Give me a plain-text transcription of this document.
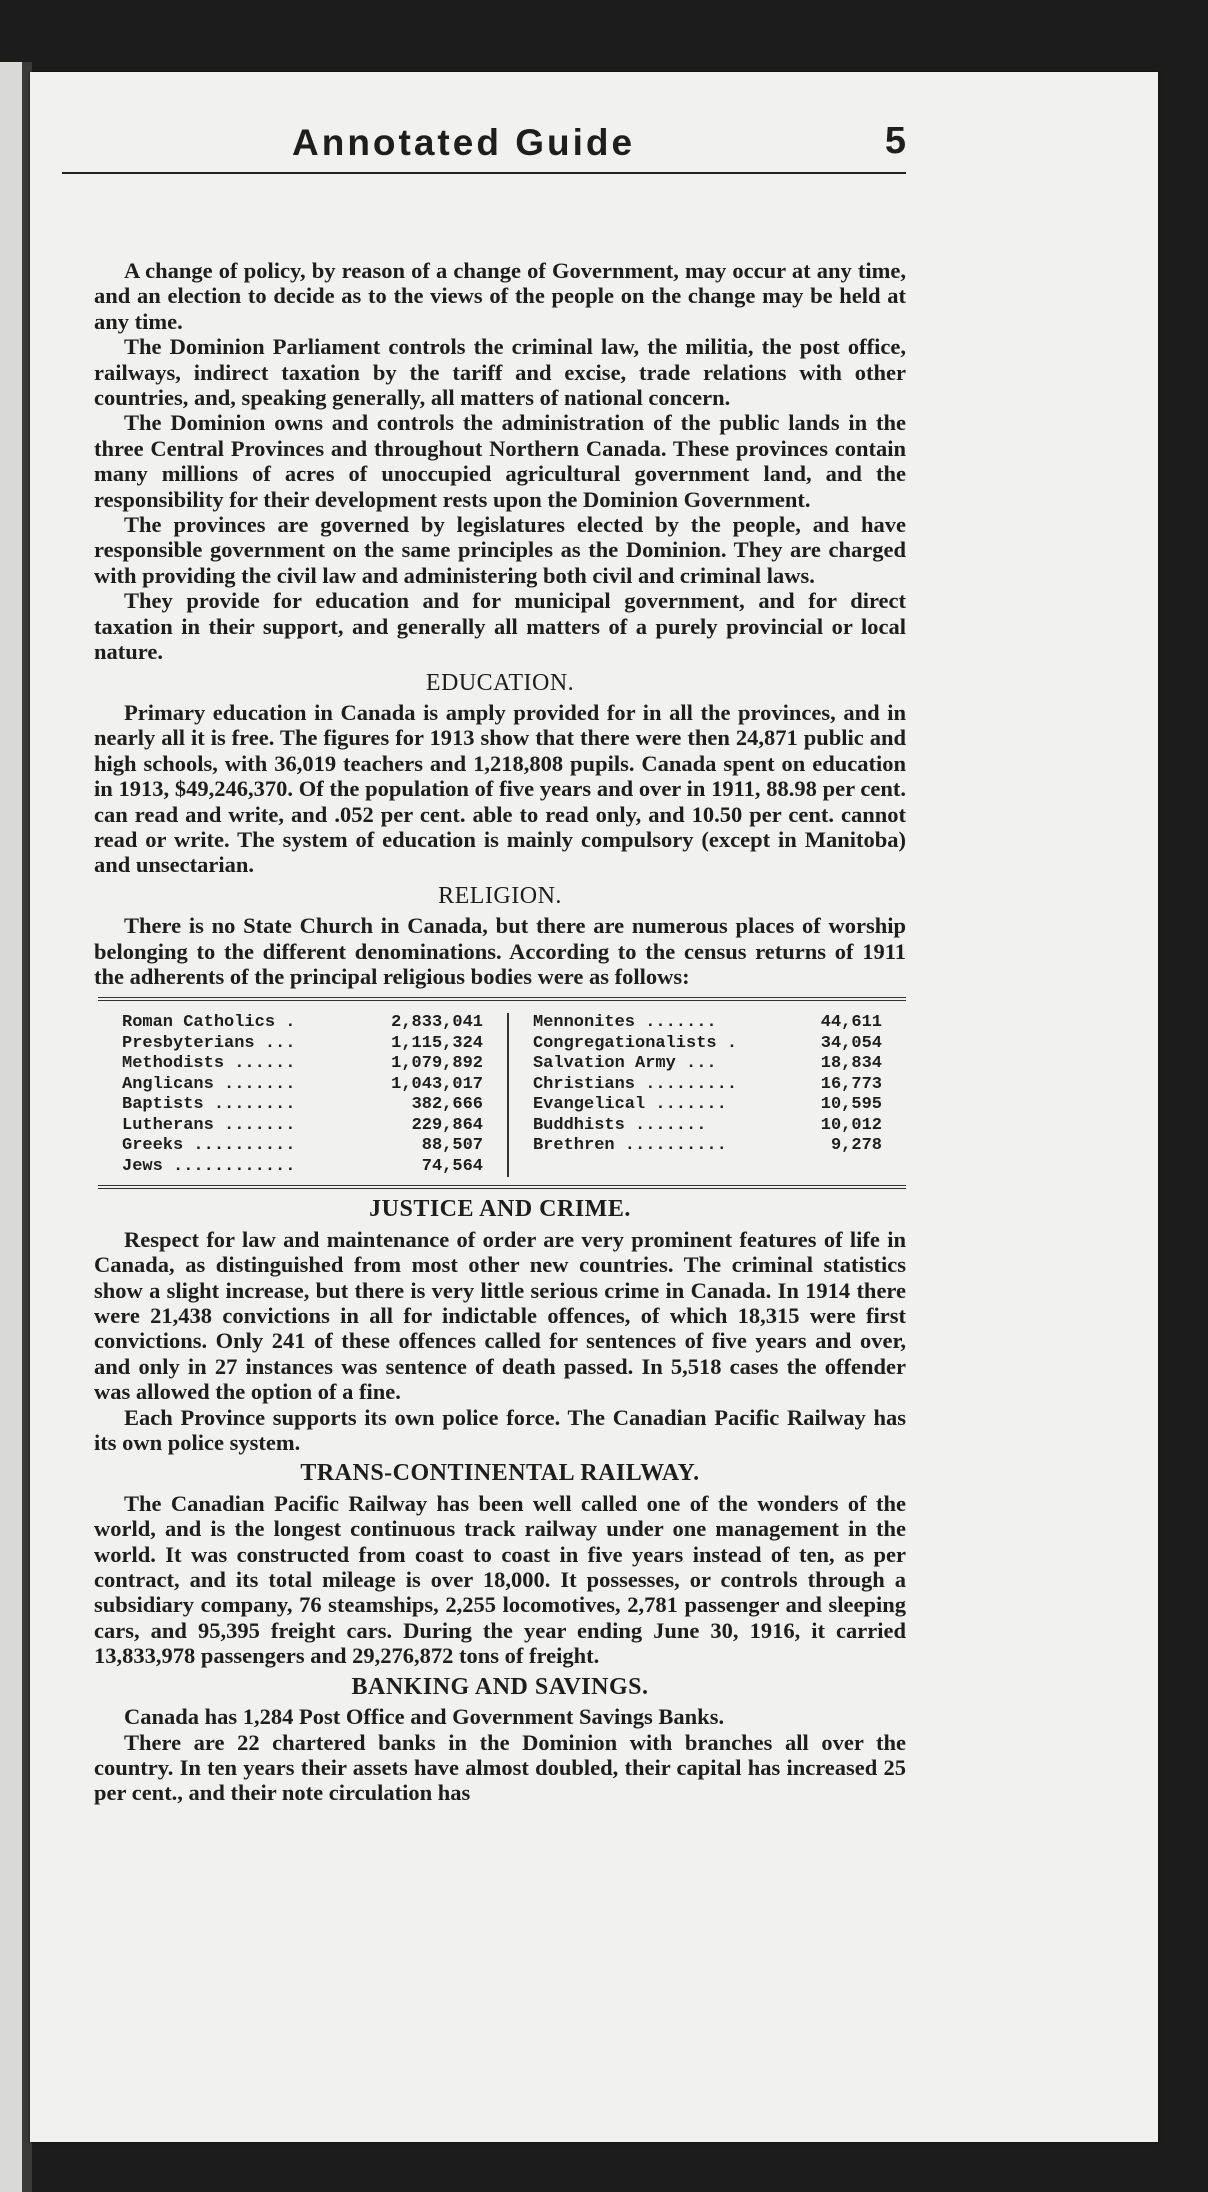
Annotated Guide	5

A change of policy, by reason of a change of Government, may occur at any time, and an election to decide as to the views of the people on the change may be held at any time.

The Dominion Parliament controls the criminal law, the militia, the post office, railways, indirect taxation by the tariff and excise, trade relations with other countries, and, speaking generally, all matters of national concern.

The Dominion owns and controls the administration of the public lands in the three Central Provinces and throughout Northern Canada. These provinces contain many millions of acres of unoccupied agricultural government land, and the responsibility for their development rests upon the Dominion Government.

The provinces are governed by legislatures elected by the people, and have responsible government on the same principles as the Dominion. They are charged with providing the civil law and administering both civil and criminal laws.

They provide for education and for municipal government, and for direct taxation in their support, and generally all matters of a purely provincial or local nature.

EDUCATION.

Primary education in Canada is amply provided for in all the provinces, and in nearly all it is free. The figures for 1913 show that there were then 24,871 public and high schools, with 36,019 teachers and 1,218,808 pupils. Canada spent on education in 1913, $49,246,370. Of the population of five years and over in 1911, 88.98 per cent. can read and write, and .052 per cent. able to read only, and 10.50 per cent. cannot read or write. The system of education is mainly compulsory (except in Manitoba) and unsectarian.

RELIGION.

There is no State Church in Canada, but there are numerous places of worship belonging to the different denominations. According to the census returns of 1911 the adherents of the principal religious bodies were as follows:

Roman Catholics .	2,833,041
Presbyterians ...	1,115,324
Methodists ......	1,079,892
Anglicans .......	1,043,017
Baptists ........	382,666
Lutherans .......	229,864
Greeks ..........	88,507
Jews ............	74,564
Mennonites .......	44,611
Congregationalists .	34,054
Salvation Army ...	18,834
Christians .........	16,773
Evangelical .......	10,595
Buddhists .......	10,012
Brethren ..........	9,278
JUSTICE AND CRIME.

Respect for law and maintenance of order are very prominent features of life in Canada, as distinguished from most other new countries. The criminal statistics show a slight increase, but there is very little serious crime in Canada. In 1914 there were 21,438 convictions in all for indictable offences, of which 18,315 were first convictions. Only 241 of these offences called for sentences of five years and over, and only in 27 instances was sentence of death passed. In 5,518 cases the offender was allowed the option of a fine.

Each Province supports its own police force. The Canadian Pacific Railway has its own police system.

TRANS-CONTINENTAL RAILWAY.

The Canadian Pacific Railway has been well called one of the wonders of the world, and is the longest continuous track railway under one management in the world. It was constructed from coast to coast in five years instead of ten, as per contract, and its total mileage is over 18,000. It possesses, or controls through a subsidiary company, 76 steamships, 2,255 locomotives, 2,781 passenger and sleeping cars, and 95,395 freight cars. During the year ending June 30, 1916, it carried 13,833,978 passengers and 29,276,872 tons of freight.

BANKING AND SAVINGS.

Canada has 1,284 Post Office and Government Savings Banks.

There are 22 chartered banks in the Dominion with branches all over the country. In ten years their assets have almost doubled, their capital has increased 25 per cent., and their note circulation has
